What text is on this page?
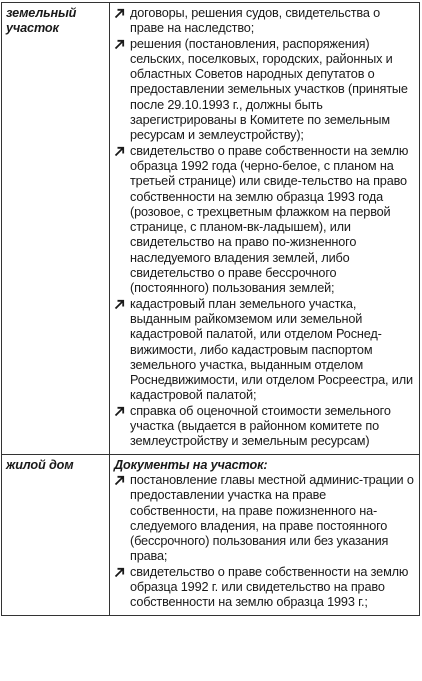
земельный участок	договоры, решения судов, свидетельства о праве на наследство;
решения (постановления, распоряжения) сельских, поселковых, городских, районных и областных Советов народных депутатов о предоставлении земельных участков (принятые после 29.10.1993 г., должны быть зарегистрированы в Комитете по земельным ресурсам и землеустройству);
свидетельство о праве собственности на землю образца 1992 года (черно-белое, с планом на третьей странице) или свиде-тельство на право собственности на землю образца 1993 года (розовое, с трехцветным флажком на первой странице, с планом-вк-ладышем), или свидетельство на право по-жизненного наследуемого владения землей, либо свидетельство о праве бессрочного (постоянного) пользования землей;
кадастровый план земельного участка, выданным райкомземом или земельной кадастровой палатой, или отделом Роснед-вижимости, либо кадастровым паспортом земельного участка, выданным отделом Роснедвижимости, или отделом Росреестра, или кадастровой палатой;
справка об оценочной стоимости земельного участка (выдается в районном комитете по землеустройству и земельным ресурсам)

жилой дом	Документы на участок:
постановление главы местной админис-трации о предоставлении участка на праве собственности, на праве пожизненного на-следуемого владения, на праве постоянного (бессрочного) пользования или без указания права;
свидетельство о праве собственности на землю образца 1992 г. или свидетельство на право собственности на землю образца 1993 г.;
